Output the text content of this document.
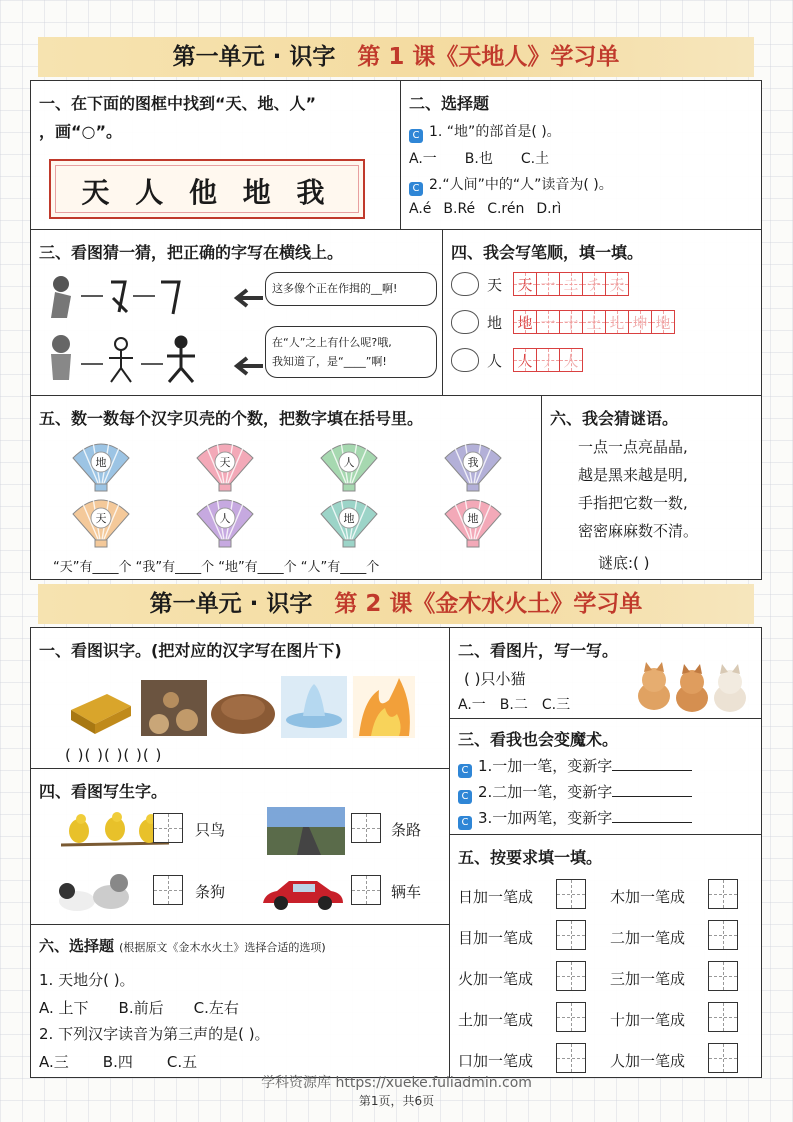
第一单元 · 识字 第 1 课《天地人》学习单
一、在下面的图框中找到“天、地、人”
，画“○”。
天 人 他 地 我
二、选择题
C 1. “地”的部首是( )。
A.一 B.也 C.土
C 2.“人间”中的“人”读音为( )。
A.é B.Ré C.rén D.rì
三、看图猜一猜，把正确的字写在横线上。
这多像个正在作揖的__啊!
在“人”之上有什么呢?哦,
我知道了，是“____”啊!
四、我会写笔顺，填一填。
天 天 一 二 チ 天
地 地 一 十 土 圠 坤 地
人 人 丿 人
五、数一数每个汉字贝壳的个数，把数字填在括号里。
地	天	人	我
天	人	地	地
“天”有____个 “我”有____个 “地”有____个 “人”有____个
六、我会猜谜语。
一点一点亮晶晶,
越是黑来越是明,
手指把它数一数,
密密麻麻数不清。
谜底:( )
第一单元 · 识字 第 2 课《金木水火土》学习单
一、看图识字。(把对应的汉字写在图片下)
( )( )( )( )( )
二、看图片，写一写。
( )只小猫
A.一 B.二 C.三
三、看我也会变魔术。
C 1.一加一笔，变新字
C 2.二加一笔，变新字
C 3.一加两笔，变新字
四、看图写生字。
只鸟	条路
条狗	辆车
五、按要求填一填。
日加一笔成	木加一笔成
目加一笔成	二加一笔成
火加一笔成	三加一笔成
土加一笔成	十加一笔成
口加一笔成	人加一笔成
六、选择题 (根据原文《金木水火土》选择合适的选项)
1. 天地分( )。
A. 上下 B.前后 C.左右
2. 下列汉字读音为第三声的是( )。
A.三 B.四 C.五
学科资源库 https://xueke.fuliadmin.com
第1页，共6页
